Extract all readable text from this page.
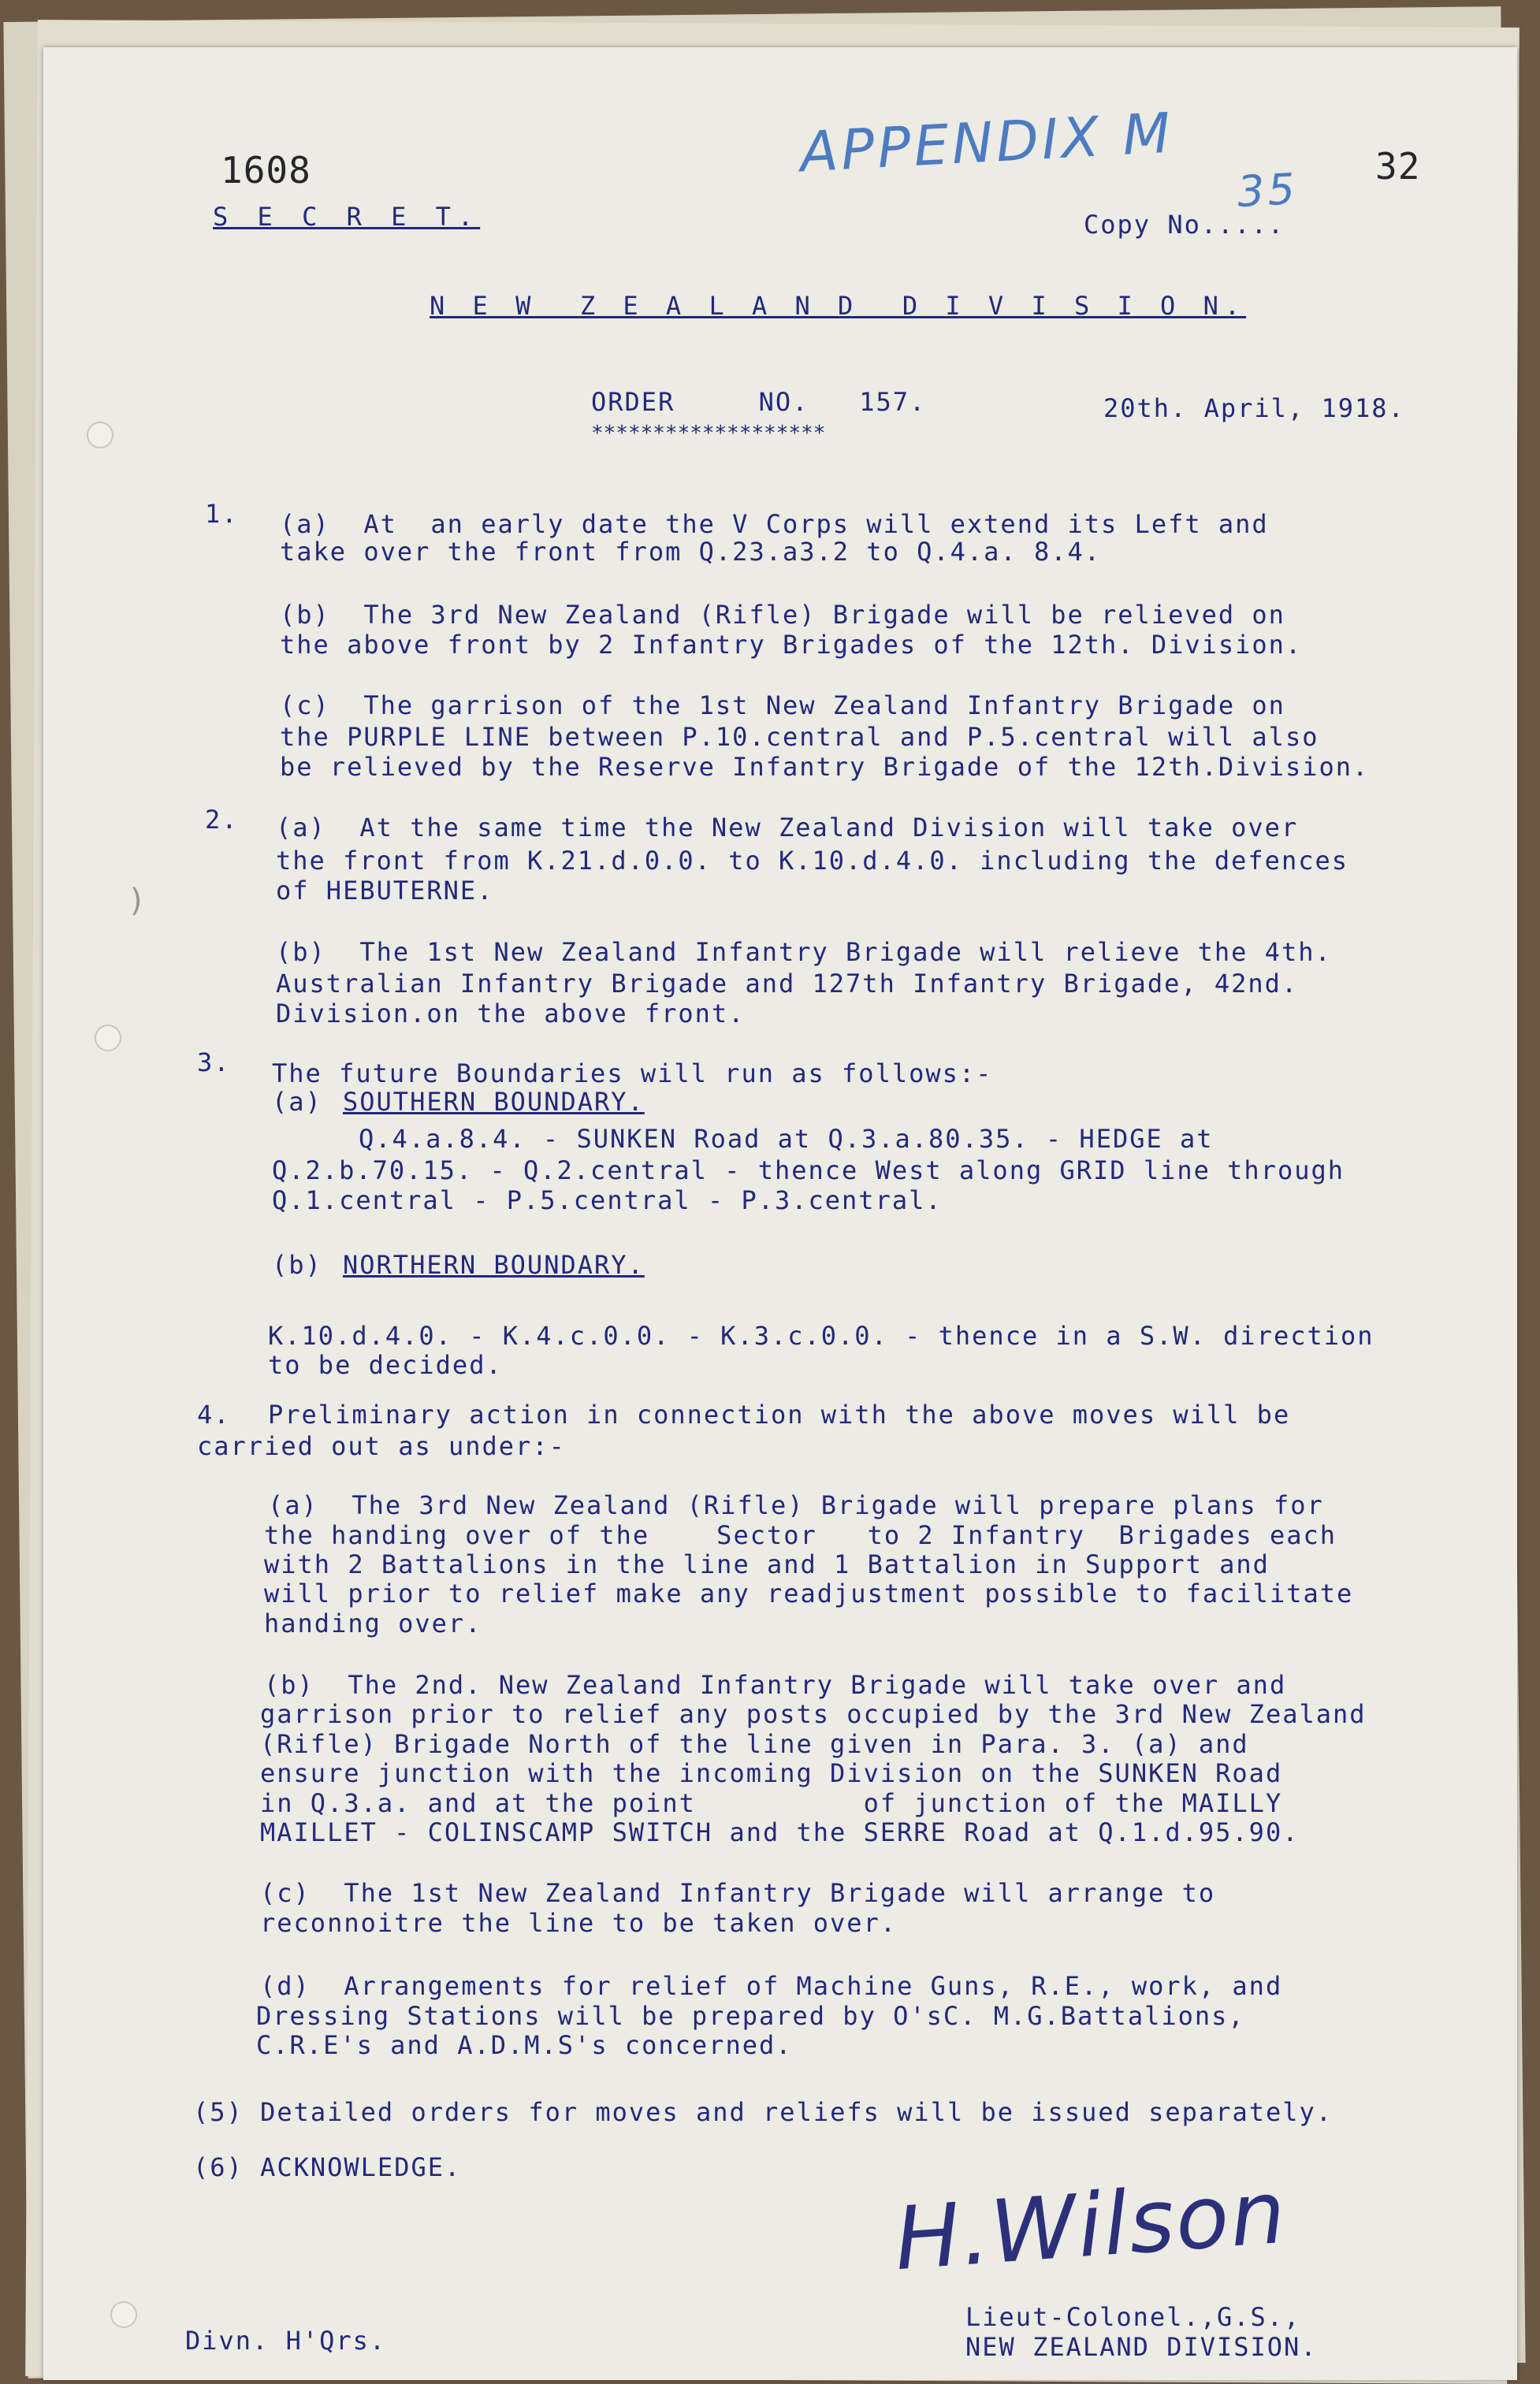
)
1608
S E C R E T.
APPENDIX M	32
Copy No.....
35
N E W  Z E A L A N D  D I V I S I O N.
ORDER     NO.   157.	20th. April, 1918.
*******************
1. (a)  At  an early date the V Corps will extend its Left and
take over the front from Q.23.a3.2 to Q.4.a. 8.4.
(b)  The 3rd New Zealand (Rifle) Brigade will be relieved on
the above front by 2 Infantry Brigades of the 12th. Division.
(c)  The garrison of the 1st New Zealand Infantry Brigade on
the PURPLE LINE between P.10.central and P.5.central will also
be relieved by the Reserve Infantry Brigade of the 12th.Division.
2. (a)  At the same time the New Zealand Division will take over
the front from K.21.d.0.0. to K.10.d.4.0. including the defences
of HEBUTERNE.
(b)  The 1st New Zealand Infantry Brigade will relieve the 4th.
Australian Infantry Brigade and 127th Infantry Brigade, 42nd.
Division.on the above front.
3. The future Boundaries will run as follows:-
(a) SOUTHERN BOUNDARY.
Q.4.a.8.4. - SUNKEN Road at Q.3.a.80.35. - HEDGE at
Q.2.b.70.15. - Q.2.central - thence West along GRID line through
Q.1.central - P.5.central - P.3.central.
(b) NORTHERN BOUNDARY.
K.10.d.4.0. - K.4.c.0.0. - K.3.c.0.0. - thence in a S.W. direction
to be decided.
4. Preliminary action in connection with the above moves will be
carried out as under:-
(a)  The 3rd New Zealand (Rifle) Brigade will prepare plans for
the handing over of the    Sector   to 2 Infantry  Brigades each
with 2 Battalions in the line and 1 Battalion in Support and
will prior to relief make any readjustment possible to facilitate
handing over.
(b)  The 2nd. New Zealand Infantry Brigade will take over and
garrison prior to relief any posts occupied by the 3rd New Zealand
(Rifle) Brigade North of the line given in Para. 3. (a) and
ensure junction with the incoming Division on the SUNKEN Road
in Q.3.a. and at the point          of junction of the MAILLY
MAILLET - COLINSCAMP SWITCH and the SERRE Road at Q.1.d.95.90.
(c)  The 1st New Zealand Infantry Brigade will arrange to
reconnoitre the line to be taken over.
(d)  Arrangements for relief of Machine Guns, R.E., work, and
Dressing Stations will be prepared by O'sC. M.G.Battalions,
C.R.E's and A.D.M.S's concerned.
(5) Detailed orders for moves and reliefs will be issued separately.
(6) ACKNOWLEDGE.	H.Wilson
Lieut-Colonel.,G.S.,
NEW ZEALAND DIVISION.
Divn. H'Qrs.
